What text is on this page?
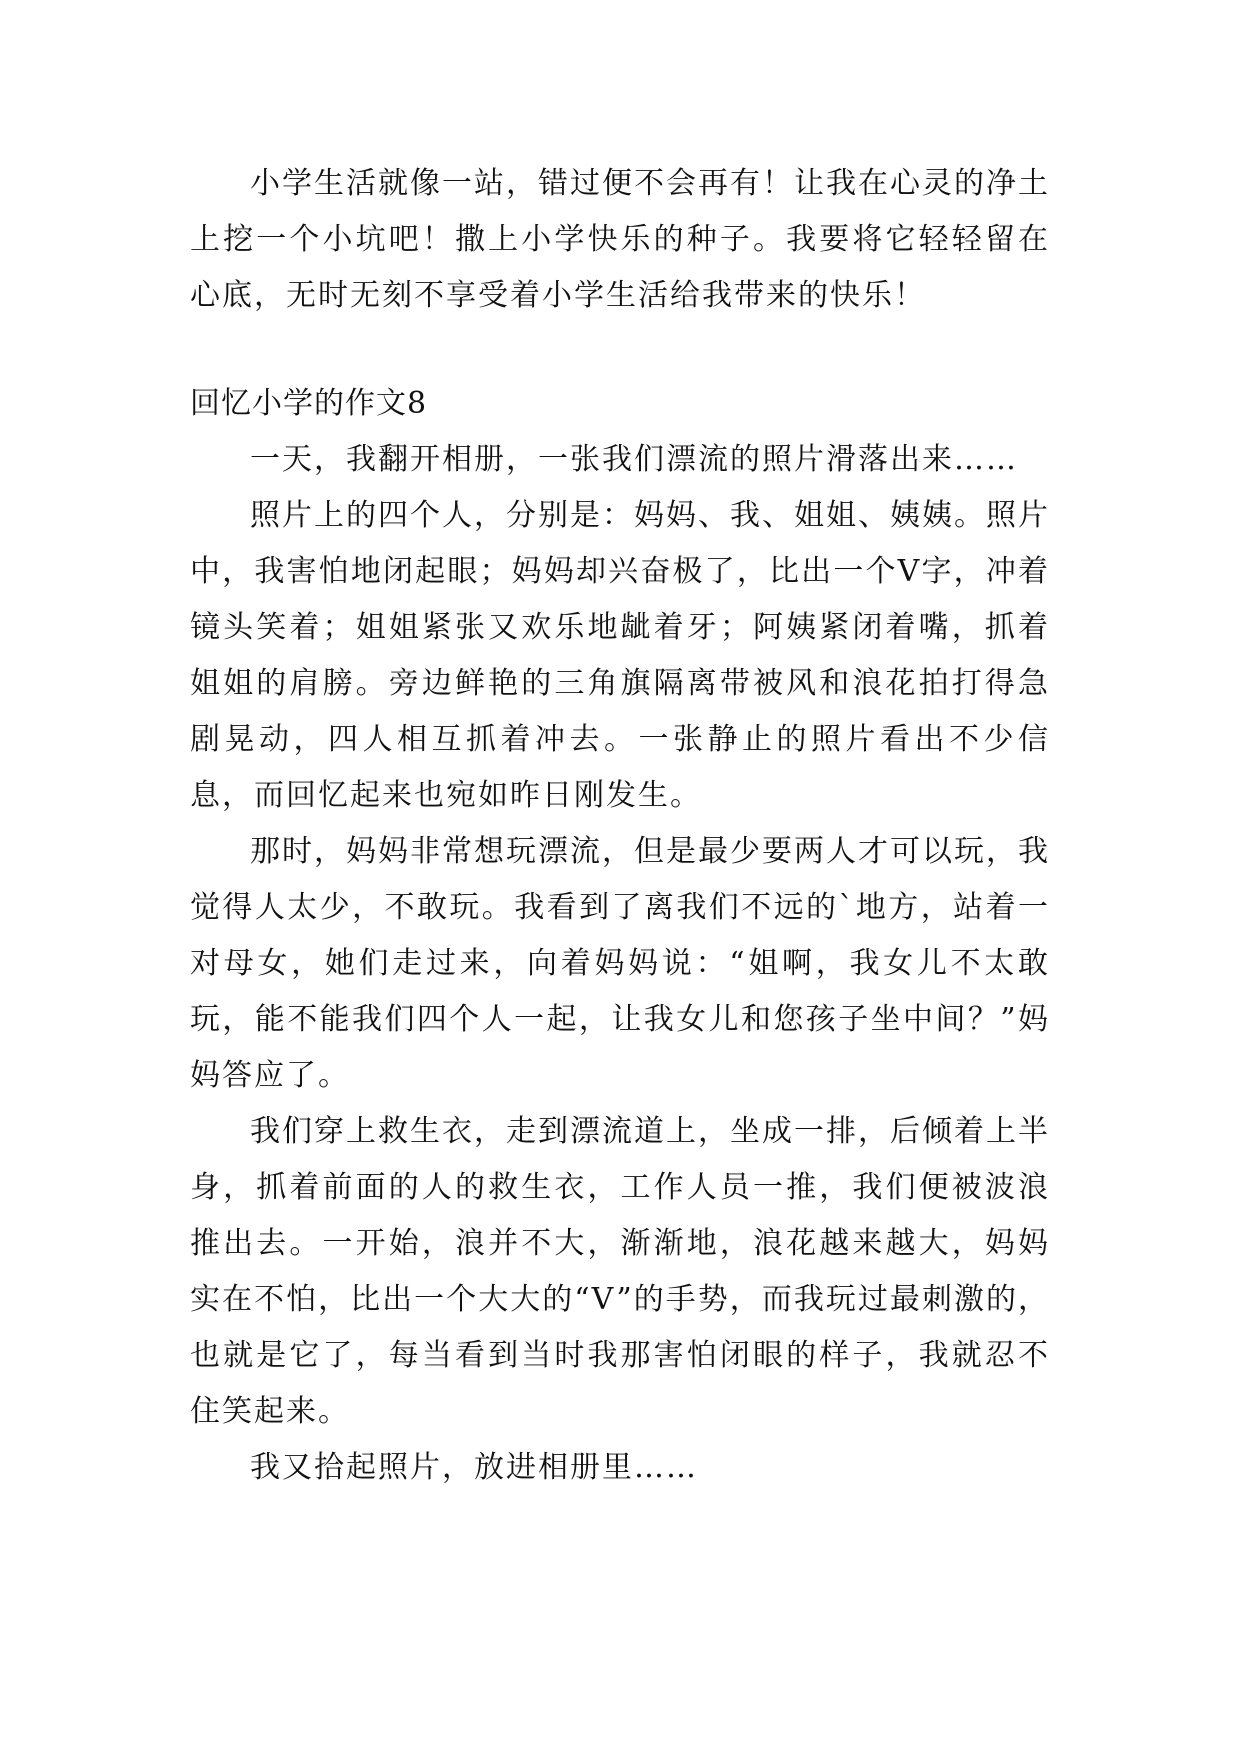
小学生活就像一站，错过便不会再有！让我在心灵的净土上挖一个小坑吧！撒上小学快乐的种子。我要将它轻轻留在心底，无时无刻不享受着小学生活给我带来的快乐！

回忆小学的作文8

一天，我翻开相册，一张我们漂流的照片滑落出来……

照片上的四个人，分别是：妈妈、我、姐姐、姨姨。照片中，我害怕地闭起眼；妈妈却兴奋极了，比出一个V字，冲着镜头笑着；姐姐紧张又欢乐地龇着牙；阿姨紧闭着嘴，抓着姐姐的肩膀。旁边鲜艳的三角旗隔离带被风和浪花拍打得急剧晃动，四人相互抓着冲去。一张静止的照片看出不少信息，而回忆起来也宛如昨日刚发生。

那时，妈妈非常想玩漂流，但是最少要两人才可以玩，我觉得人太少，不敢玩。我看到了离我们不远的`地方，站着一对母女，她们走过来，向着妈妈说：“姐啊，我女儿不太敢玩，能不能我们四个人一起，让我女儿和您孩子坐中间？”妈妈答应了。

我们穿上救生衣，走到漂流道上，坐成一排，后倾着上半身，抓着前面的人的救生衣，工作人员一推，我们便被波浪推出去。一开始，浪并不大，渐渐地，浪花越来越大，妈妈实在不怕，比出一个大大的“V”的手势，而我玩过最刺激的，也就是它了，每当看到当时我那害怕闭眼的样子，我就忍不住笑起来。

我又拾起照片，放进相册里……
